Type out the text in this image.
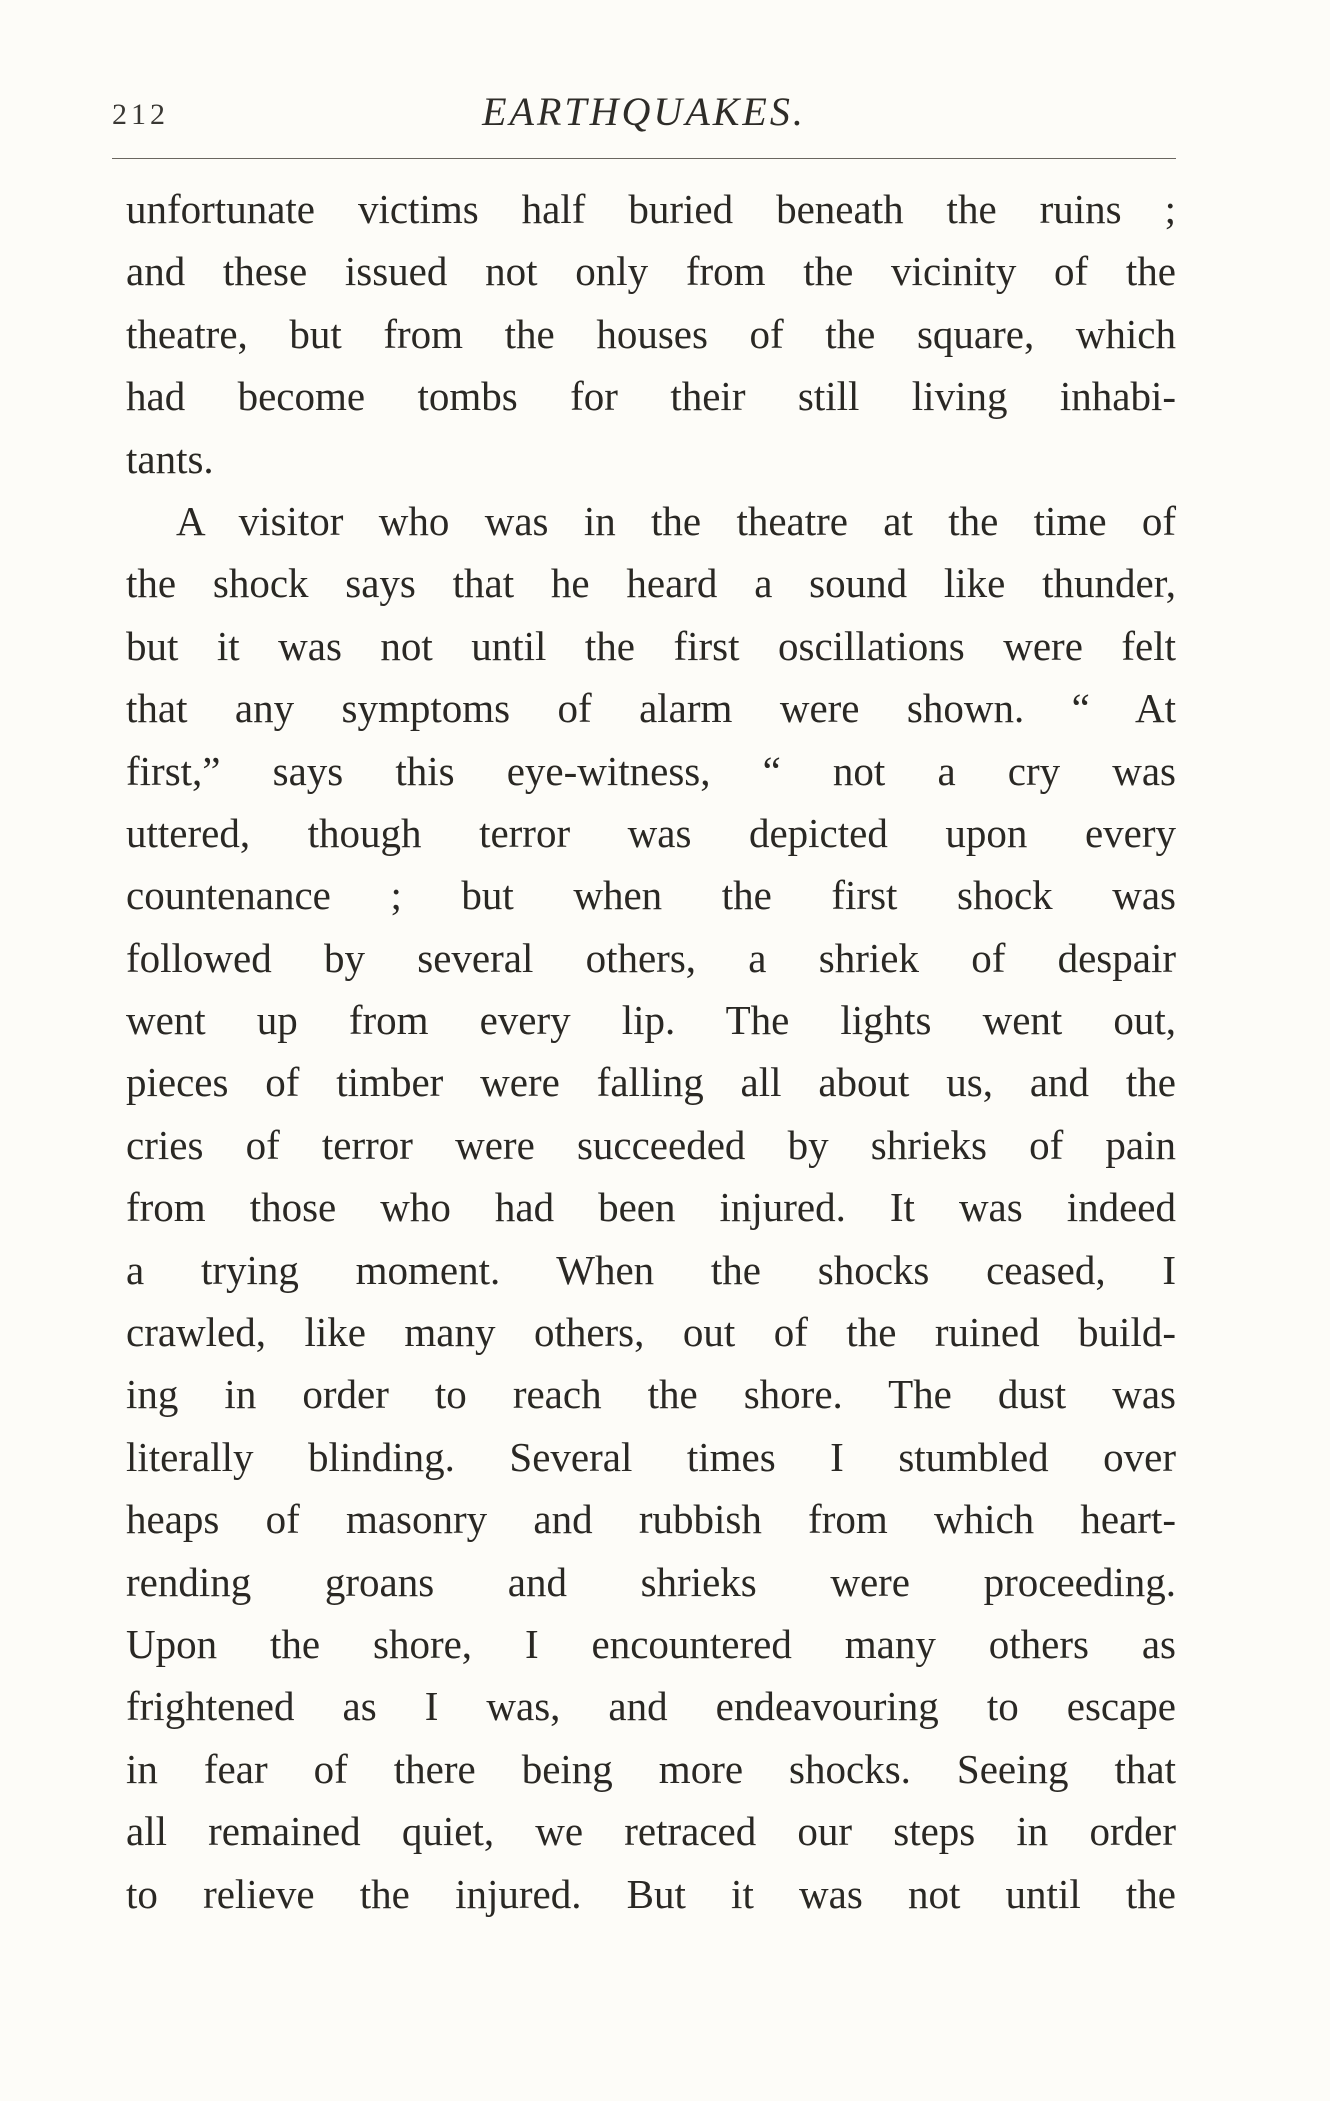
212	EARTHQUAKES.
unfortunate victims half buried beneath the ruins ;
and these issued not only from the vicinity of the
theatre, but from the houses of the square, which
had become tombs for their still living inhabi-
tants.
A visitor who was in the theatre at the time of
the shock says that he heard a sound like thunder,
but it was not until the first oscillations were felt
that any symptoms of alarm were shown. “ At
first,” says this eye-witness, “ not a cry was
uttered, though terror was depicted upon every
countenance ; but when the first shock was
followed by several others, a shriek of despair
went up from every lip. The lights went out,
pieces of timber were falling all about us, and the
cries of terror were succeeded by shrieks of pain
from those who had been injured. It was indeed
a trying moment. When the shocks ceased, I
crawled, like many others, out of the ruined build-
ing in order to reach the shore. The dust was
literally blinding. Several times I stumbled over
heaps of masonry and rubbish from which heart-
rending groans and shrieks were proceeding.
Upon the shore, I encountered many others as
frightened as I was, and endeavouring to escape
in fear of there being more shocks. Seeing that
all remained quiet, we retraced our steps in order
to relieve the injured. But it was not until the
